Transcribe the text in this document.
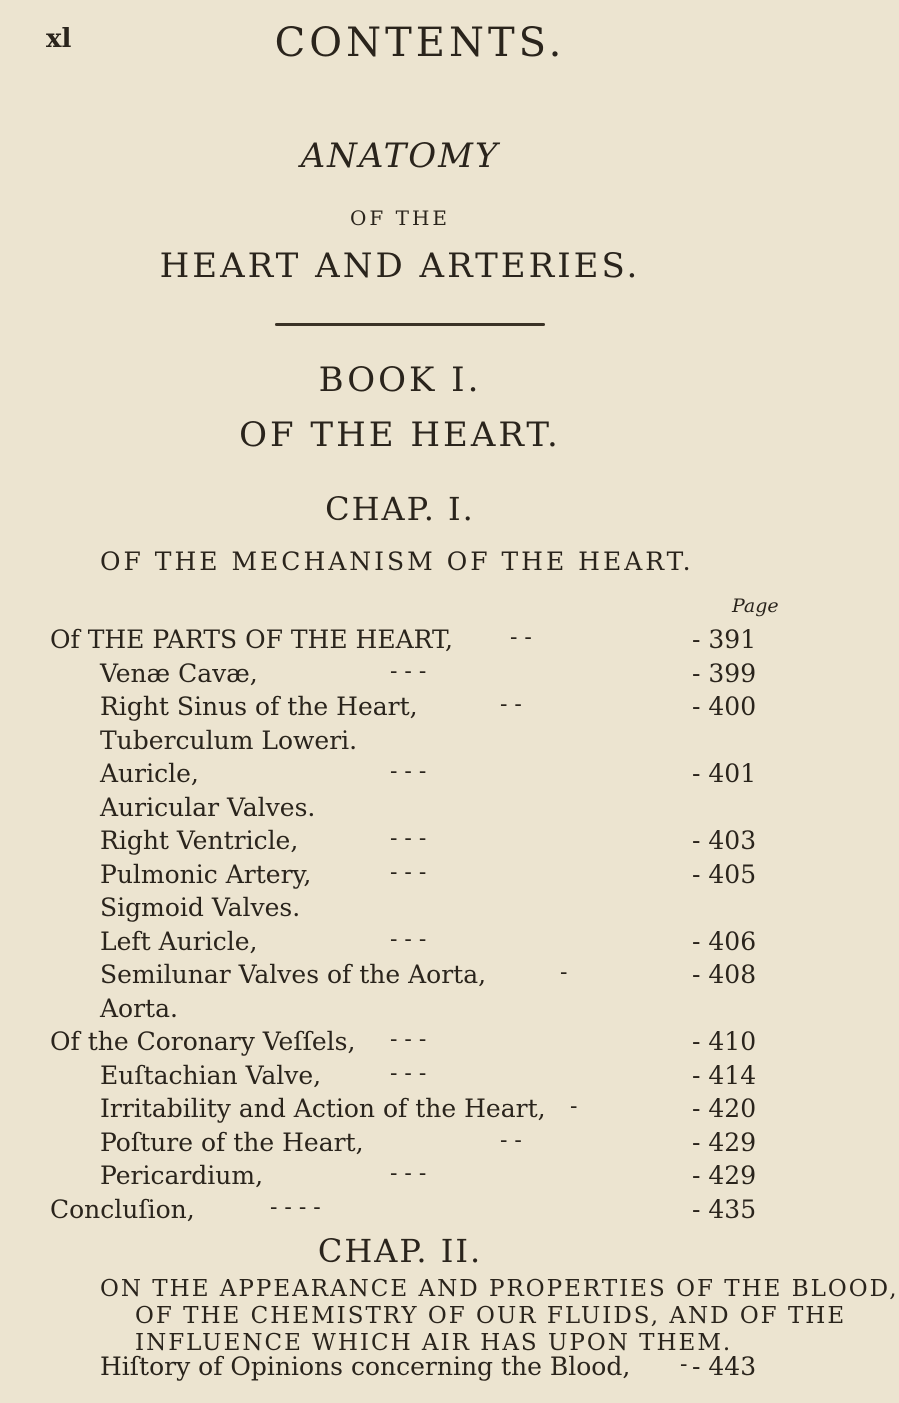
xl	CONTENTS.
ANATOMY
OF THE
HEART AND ARTERIES.
BOOK I.
OF THE HEART.
CHAP. I.
OF THE MECHANISM OF THE HEART.
Page
Of THE PARTS OF THE HEART,	- -	- 391
Venæ Cavæ,	- - -	- 399
Right Sinus of the Heart,	- -	- 400
Tuberculum Loweri.
Auricle,	- - -	- 401
Auricular Valves.
Right Ventricle,	- - -	- 403
Pulmonic Artery,	- - -	- 405
Sigmoid Valves.
Left Auricle,	- - -	- 406
Semilunar Valves of the Aorta,	-	- 408
Aorta.
Of the Coronary Veſſels, - - -	- 410
Euſtachian Valve,	- - -	- 414
Irritability and Action of the Heart, -	- 420
Poſture of the Heart,	- -	- 429
Pericardium,	- - -	- 429
Concluſion,	- - - -	- 435
CHAP. II.
ON THE APPEARANCE AND PROPERTIES OF THE BLOOD,
OF THE CHEMISTRY OF OUR FLUIDS, AND OF THE
INFLUENCE WHICH AIR HAS UPON THEM.
Hiſtory of Opinions concerning the Blood, - - 443
